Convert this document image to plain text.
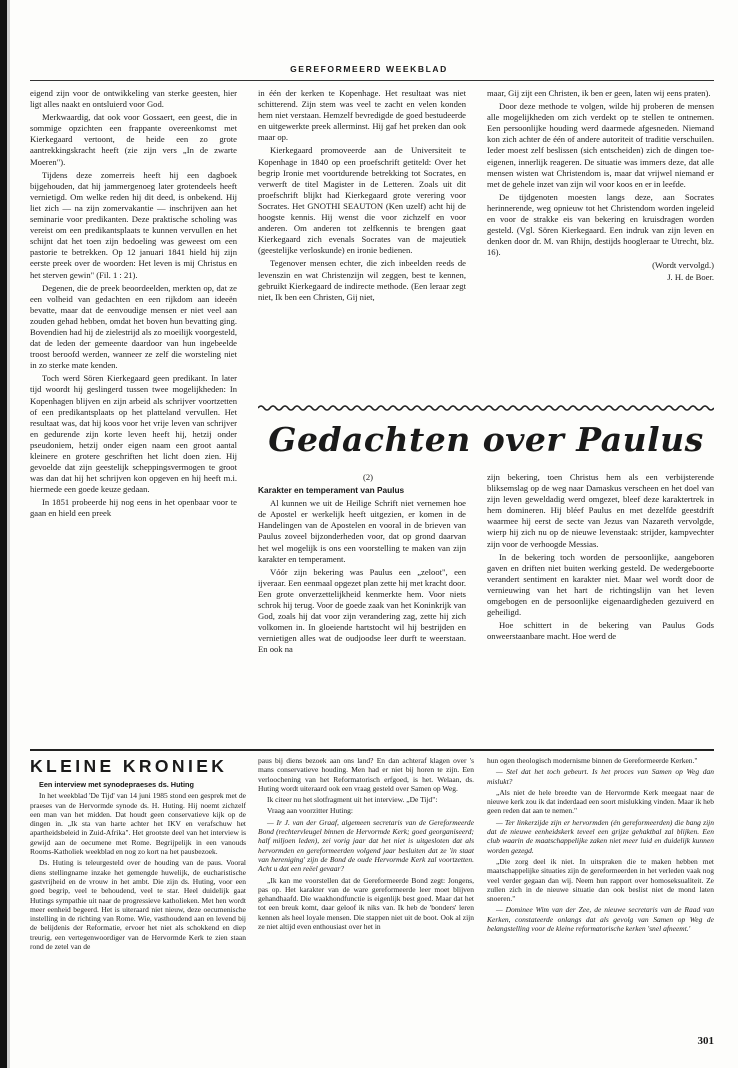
GEREFORMEERD WEEKBLAD

eigend zijn voor de ontwikkeling van sterke geesten, hier ligt alles naakt en ontsluierd voor God.

Merkwaardig, dat ook voor Gossaert, een geest, die in sommige opzichten een frappante overeenkomst met Kierkegaard vertoont, de heide een zo grote aantrekkingskracht heeft (zie zijn vers „In de zwarte Moeren").

Tijdens deze zomerreis heeft hij een dagboek bijgehouden, dat hij jammergenoeg later grotendeels heeft vernietigd. Om welke reden hij dit deed, is onbekend. Hij liet zich — na zijn zomervakantie — inschrijven aan het seminarie voor predikanten. Deze praktische scholing was vereist om een predikantsplaats te kunnen vervullen en het schijnt dat het toen zijn bedoeling was geweest om een pastorie te betrekken. Op 12 januari 1841 hield hij zijn eerste preek over de woorden: Het leven is mij Christus en het sterven gewin" (Fil. 1 : 21).

Degenen, die de preek beoordeelden, merkten op, dat ze een volheid van gedachten en een rijkdom aan ideeën bevatte, maar dat de eenvoudige mensen er niet veel aan zouden gehad hebben, omdat het boven hun bevatting ging. Bovendien had hij de zielestrijd als zo moeilijk voorgesteld, dat de leden der gemeente daardoor van hun ingebeelde troost beroofd werden, wanneer ze zelf die worsteling niet in zo sterke mate kenden.

Toch werd Sören Kierkegaard geen predikant. In later tijd woordt hij geslingerd tussen twee mogelijkheden: In Kopenhagen blijven en zijn arbeid als schrijver voortzetten of een predikantsplaats op het platteland vervullen. Het resultaat was, dat hij koos voor het vrije leven van schrijver en gedurende zijn korte leven heeft hij, hetzij onder pseudoniem, hetzij onder eigen naam een groot aantal kleinere en grotere geschriften het licht doen zien. Hij gevoelde dat zijn geestelijk scheppingsvermogen te groot was dan dat hij het schrijven kon opgeven en hij heeft m.i. hiermede een goede keuze gedaan.

In 1851 probeerde hij nog eens in het openbaar voor te gaan en hield een preek

in één der kerken te Kopenhage. Het resultaat was niet schitterend. Zijn stem was veel te zacht en velen konden hem niet verstaan. Hemzelf bevredigde de goed bestudeerde en uitgewerkte preek allerminst. Hij gaf het preken dan ook maar op.

Kierkegaard promoveerde aan de Universiteit te Kopenhage in 1840 op een proefschrift getiteld: Over het begrip Ironie met voortdurende betrekking tot Socrates, en verwerft de titel Magister in de Letteren. Zoals uit dit proefschrift blijkt had Kierkegaard grote verering voor Socrates. Het GNOTHI SEAUTON (Ken uzelf) acht hij de hoogste kennis. Hij wenst die voor zichzelf en voor anderen. Om anderen tot zelfkennis te brengen gaat Kierkegaard zich evenals Socrates van de majeutiek (geestelijke verloskunde) en ironie bedienen.

Tegenover mensen echter, die zich inbeelden reeds de levenszin en wat Christenzijn wil zeggen, best te kennen, gebruikt Kierkegaard de indirecte methode. (Een leraar zegt niet, Ik ben een Christen, Gij niet,

maar, Gij zijt een Christen, ik ben er geen, laten wij eens praten).

Door deze methode te volgen, wilde hij proberen de mensen alle mogelijkheden om zich verdekt op te stellen te ontnemen. Een persoonlijke houding werd daarmede afgesneden. Niemand kon zich achter de één of andere autoriteit of traditie verschuilen. Ieder moest zelf beslissen (sich entscheiden) zich de dingen toe-eigenen, innerlijk reageren. De situatie was immers deze, dat alle mensen wisten wat Christendom is, maar dat vrijwel niemand er met de gehele inzet van zijn wil voor koos en er in leefde.

De tijdgenoten moesten langs deze, aan Socrates herinnerende, weg opnieuw tot het Christendom worden ingeleid en voor de strakke eis van bekering en kruisdragen worden gesteld. (Vgl. Sören Kierkegaard. Een indruk van zijn leven en denken door dr. M. van Rhijn, destijds hoogleraar te Utrecht, blz. 16).

(Wordt vervolgd.)

J. H. de Boer.

Gedachten over Paulus

(2)

Karakter en temperament van Paulus

Al kunnen we uit de Heilige Schrift niet vernemen hoe de Apostel er werkelijk heeft uitgezien, er komen in de Handelingen van de Apostelen en vooral in de brieven van Paulus zoveel bijzonderheden voor, dat op grond daarvan het wel mogelijk is ons een voorstelling te maken van zijn karakter en temperament.

Vóór zijn bekering was Paulus een „zeloot", een ijveraar. Een eenmaal opgezet plan zette hij met kracht door. Een grote onverzettelijkheid kenmerkte hem. Voor niets schrok hij terug. Voor de goede zaak van het Koninkrijk van God, zoals hij dat voor zijn verandering zag, zette hij zich volkomen in. In gloeiende hartstocht wil hij bestrijden en vernietigen alles wat de oudjoodse leer durft te weerstaan. En ook na

zijn bekering, toen Christus hem als een verbijsterende bliksemslag op de weg naar Damaskus verscheen en het doel van zijn leven geweldadig werd omgezet, bleef deze karaktertrek in hem domineren. Hij bléef Paulus en met dezelfde geestdrift waarmee hij eerst de secte van Jezus van Nazareth vervolgde, wierp hij zich nu op de nieuwe levenstaak: strijder, kampvechter zijn voor de verhoogde Messias.

In de bekering toch worden de persoonlijke, aangeboren gaven en driften niet buiten werking gesteld. De wedergeboorte verandert sentiment en karakter niet. Maar wel wordt door de vernieuwing van het hart de richtingslijn van het leven omgebogen en de persoonlijke eigenaardigheden gezuiverd en geheiligd.

Hoe schittert in de bekering van Paulus Gods onweerstaanbare macht. Hoe werd de

KLEINE KRONIEK

Een interview met synodepraeses ds. Huting

In het weekblad 'De Tijd' van 14 juni 1985 stond een gesprek met de praeses van de Hervormde synode ds. H. Huting. Hij noemt zichzelf een man van het midden. Dat houdt geen conservatieve kijk op de dingen in. „Ik sta van harte achter het IKV en verafschuw het apartheidsbeleid in Zuid-Afrika". Het grootste deel van het interview is gewijd aan de oecumene met Rome. Begrijpelijk in een vanouds Rooms-Katholiek weekblad en nog zo kort na het pausbezoek.

Ds. Huting is teleurgesteld over de houding van de paus. Vooral diens stellingname inzake het gemengde huwelijk, de eucharistische gastvrijheid en de vrouw in het ambt. Die zijn ds. Huting, voor een goed begrip, veel te behoudend, veel te star. Heel duidelijk gaat Hutings sympathie uit naar de progressieve katholieken. Met hen wordt meer eenheid begeerd. Het is uiteraard niet nieuw, deze oecumenische instelling in de richting van Rome. Wie, vasthoudend aan en levend bij de belijdenis der Reformatie, ervoer het niet als schokkend en diep treurig, een vertegenwoordiger van de Hervormde Kerk te zien staan rond de zetel van de

paus bij diens bezoek aan ons land? En dan achteraf klagen over 's mans conservatieve houding. Men had er niet bij horen te zijn. Een verloochening van het Reformatorisch erfgoed, is het. Welaan, ds. Huting wordt uiteraard ook een vraag gesteld over Samen op Weg.

Ik citeer nu het slotfragment uit het interview. „De Tijd":

Vraag aan voorzitter Huting:

— Ir J. van der Graaf, algemeen secretaris van de Gereformeerde Bond (rechtervleugel binnen de Hervormde Kerk; goed georganiseerd; half miljoen leden), zei vorig jaar dat het niet is uitgesloten dat als hervormden en gereformeerden volgend jaar besluiten dat ze 'in staat van hereniging' zijn de Bond de oude Hervormde Kerk zal voortzetten. Acht u dat een reëel gevaar?

„Ik kan me voorstellen dat de Gereformeerde Bond zegt: Jongens, pas op. Het karakter van de ware gereformeerde leer moet blijven gehandhaafd. Die waakhondfunctie is eigenlijk best goed. Maar dat het tot een breuk komt, daar geloof ik niks van. Ik heb de 'bonders' leren kennen als heel loyale mensen. Die stappen niet uit de boot. Ook al zijn ze niet altijd even enthousiast over het in

hun ogen theologisch modernisme binnen de Gereformeerde Kerken."

— Stel dat het toch gebeurt. Is het proces van Samen op Weg dan mislukt?

„Als niet de hele breedte van de Hervormde Kerk meegaat naar de nieuwe kerk zou ik dat inderdaad een soort mislukking vinden. Maar ik heb geen reden dat aan te nemen."

— Ter linkerzijde zijn er hervormden (én gereformeerden) die bang zijn dat de nieuwe eenheidskerk teveel een grijze gehaktbal zal blijken. Een club waarin de maatschappelijke zaken niet meer luid en duidelijk kunnen worden gezegd.

„Die zorg deel ik niet. In uitspraken die te maken hebben met maatschappelijke situaties zijn de gereformeerden in het verleden vaak nog veel verder gegaan dan wij. Neem hun rapport over homoseksualiteit. Ze zullen zich in de nieuwe situatie dan ook beslist niet de mond laten snoeren."

— Dominee Wim van der Zee, de nieuwe secretaris van de Raad van Kerken, constateerde onlangs dat als gevolg van Samen op Weg de belangstelling voor de kleine reformatorische kerken 'snel afneemt.'

301
